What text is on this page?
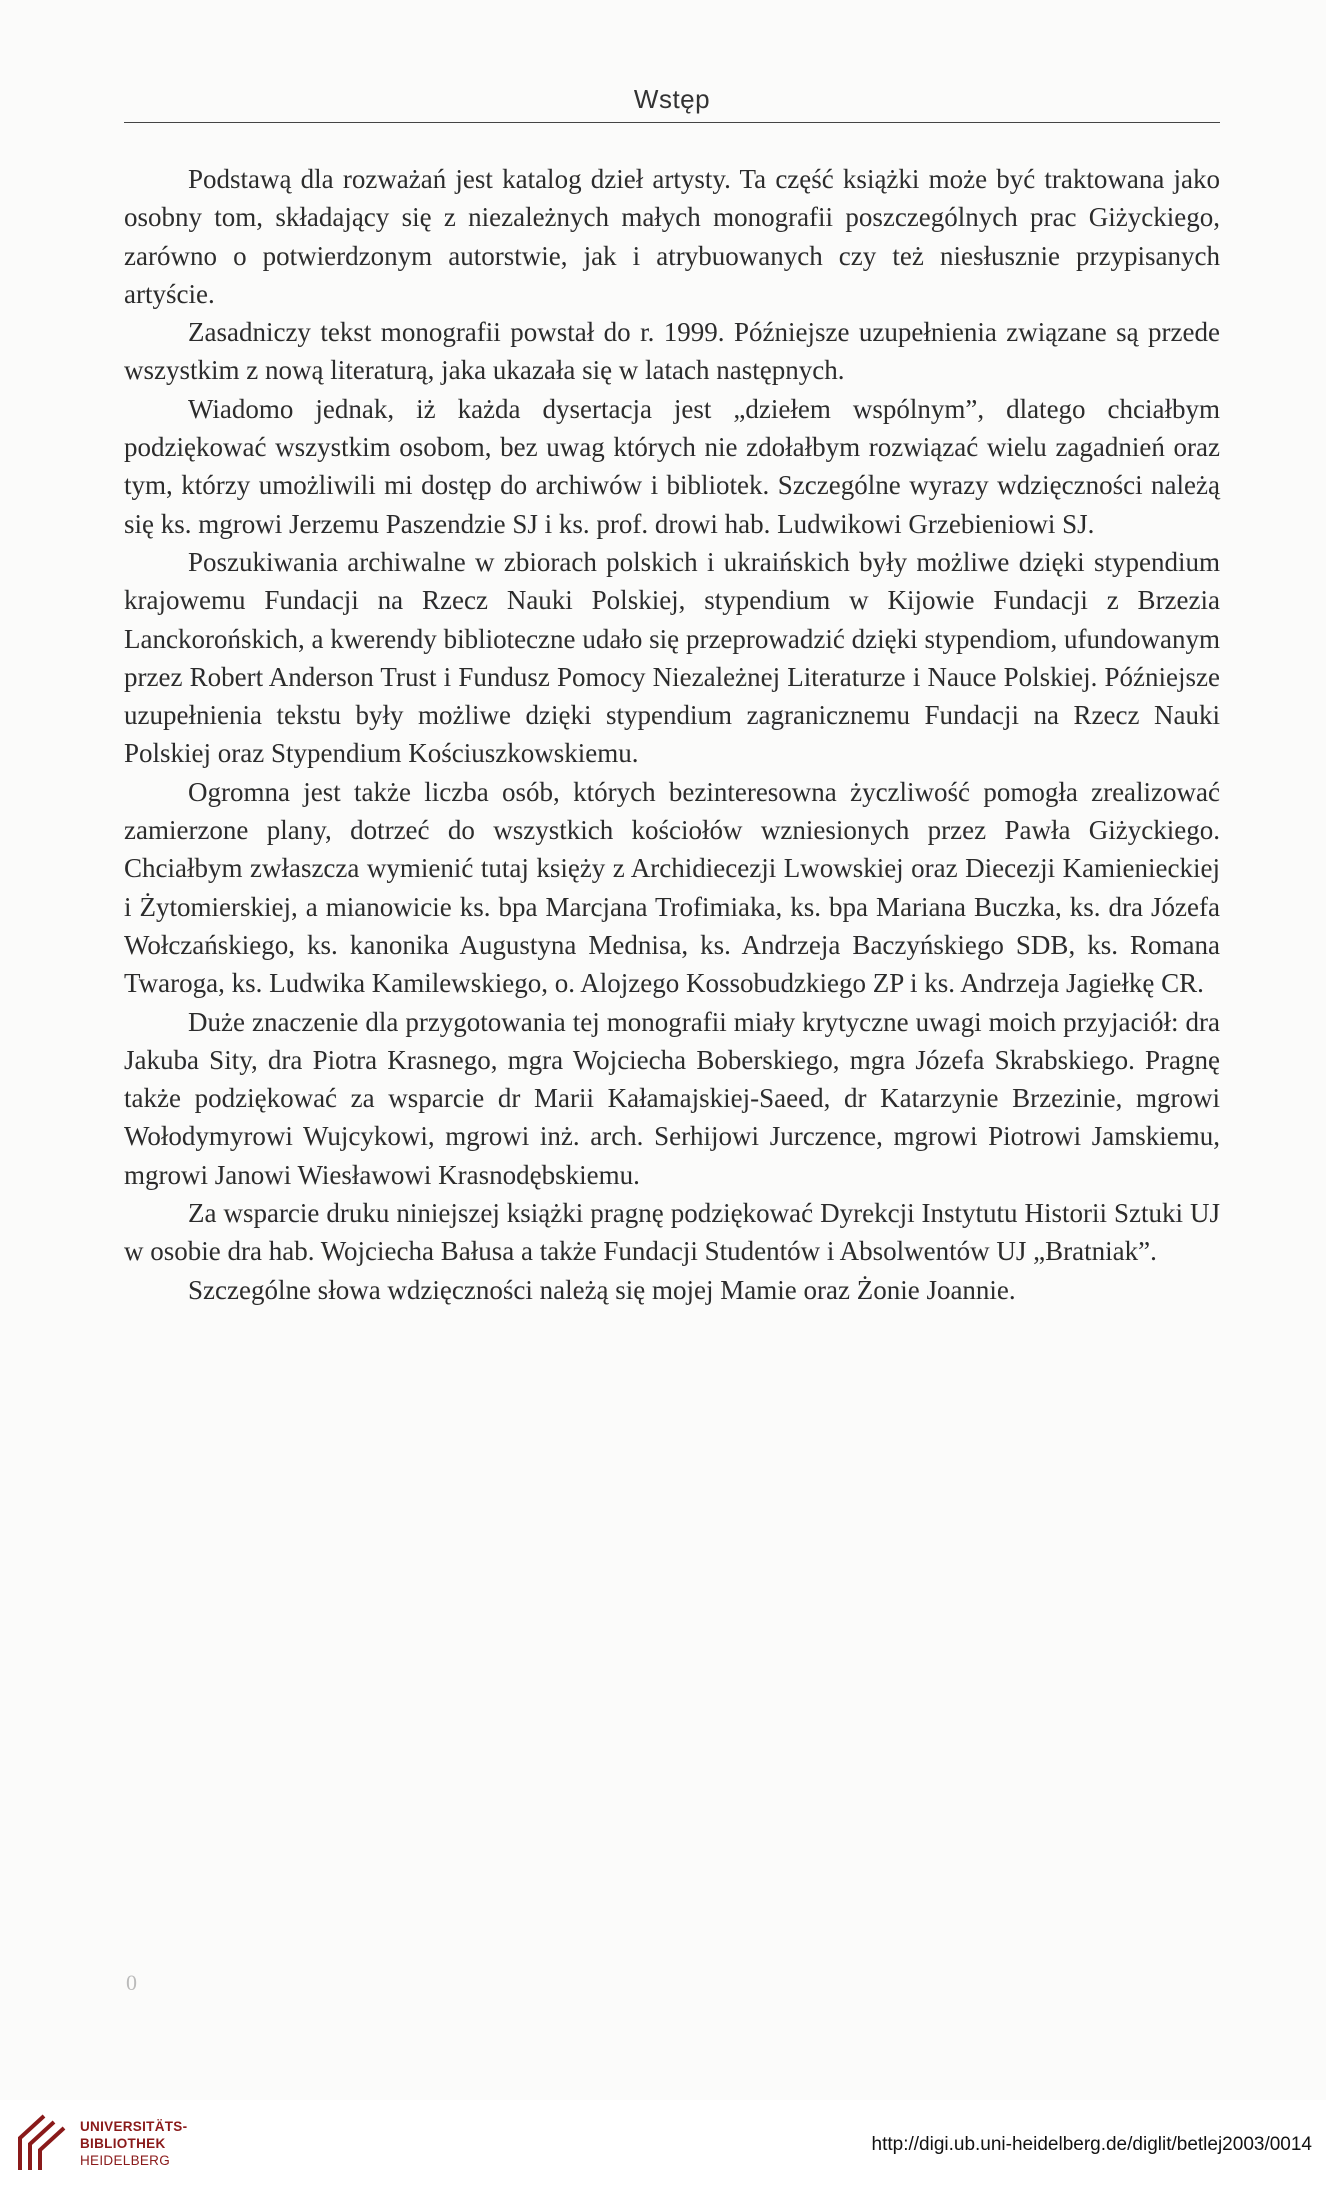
Wstęp

Podstawą dla rozważań jest katalog dzieł artysty. Ta część książki może być traktowana jako osobny tom, składający się z niezależnych małych monografii poszczególnych prac Giżyckiego, zarówno o potwierdzonym autorstwie, jak i atrybuowanych czy też niesłusznie przypisanych artyście.

Zasadniczy tekst monografii powstał do r. 1999. Późniejsze uzupełnienia związane są przede wszystkim z nową literaturą, jaka ukazała się w latach następnych.

Wiadomo jednak, iż każda dysertacja jest „dziełem wspólnym”, dlatego chciałbym podziękować wszystkim osobom, bez uwag których nie zdołałbym rozwiązać wielu zagadnień oraz tym, którzy umożliwili mi dostęp do archiwów i bibliotek. Szczególne wyrazy wdzięczności należą się ks. mgrowi Jerzemu Paszendzie SJ i ks. prof. drowi hab. Ludwikowi Grzebieniowi SJ.

Poszukiwania archiwalne w zbiorach polskich i ukraińskich były możliwe dzięki stypendium krajowemu Fundacji na Rzecz Nauki Polskiej, stypendium w Kijowie Fundacji z Brzezia Lanckorońskich, a kwerendy biblioteczne udało się przeprowadzić dzięki stypendiom, ufundowanym przez Robert Anderson Trust i Fundusz Pomocy Niezależnej Literaturze i Nauce Polskiej. Późniejsze uzupełnienia tekstu były możliwe dzięki stypendium zagranicznemu Fundacji na Rzecz Nauki Polskiej oraz Stypendium Kościuszkowskiemu.

Ogromna jest także liczba osób, których bezinteresowna życzliwość pomogła zrealizować zamierzone plany, dotrzeć do wszystkich kościołów wzniesionych przez Pawła Giżyckiego. Chciałbym zwłaszcza wymienić tutaj księży z Archidiecezji Lwowskiej oraz Diecezji Kamienieckiej i Żytomierskiej, a mianowicie ks. bpa Marcjana Trofimiaka, ks. bpa Mariana Buczka, ks. dra Józefa Wołczańskiego, ks. kanonika Augustyna Mednisa, ks. Andrzeja Baczyńskiego SDB, ks. Romana Twaroga, ks. Ludwika Kamilewskiego, o. Alojzego Kossobudzkiego ZP i ks. Andrzeja Jagiełkę CR.

Duże znaczenie dla przygotowania tej monografii miały krytyczne uwagi moich przyjaciół: dra Jakuba Sity, dra Piotra Krasnego, mgra Wojciecha Boberskiego, mgra Józefa Skrabskiego. Pragnę także podziękować za wsparcie dr Marii Kałamajskiej-Saeed, dr Katarzynie Brzezinie, mgrowi Wołodymyrowi Wujcykowi, mgrowi inż. arch. Serhijowi Jurczence, mgrowi Piotrowi Jamskiemu, mgrowi Janowi Wiesławowi Krasnodębskiemu.

Za wsparcie druku niniejszej książki pragnę podziękować Dyrekcji Instytutu Historii Sztuki UJ w osobie dra hab. Wojciecha Bałusa a także Fundacji Studentów i Absolwentów UJ „Bratniak”.

Szczególne słowa wdzięczności należą się mojej Mamie oraz Żonie Joannie.

0
UNIVERSITÄTS-
BIBLIOTHEK
HEIDELBERG
http://digi.ub.uni-heidelberg.de/diglit/betlej2003/0014
